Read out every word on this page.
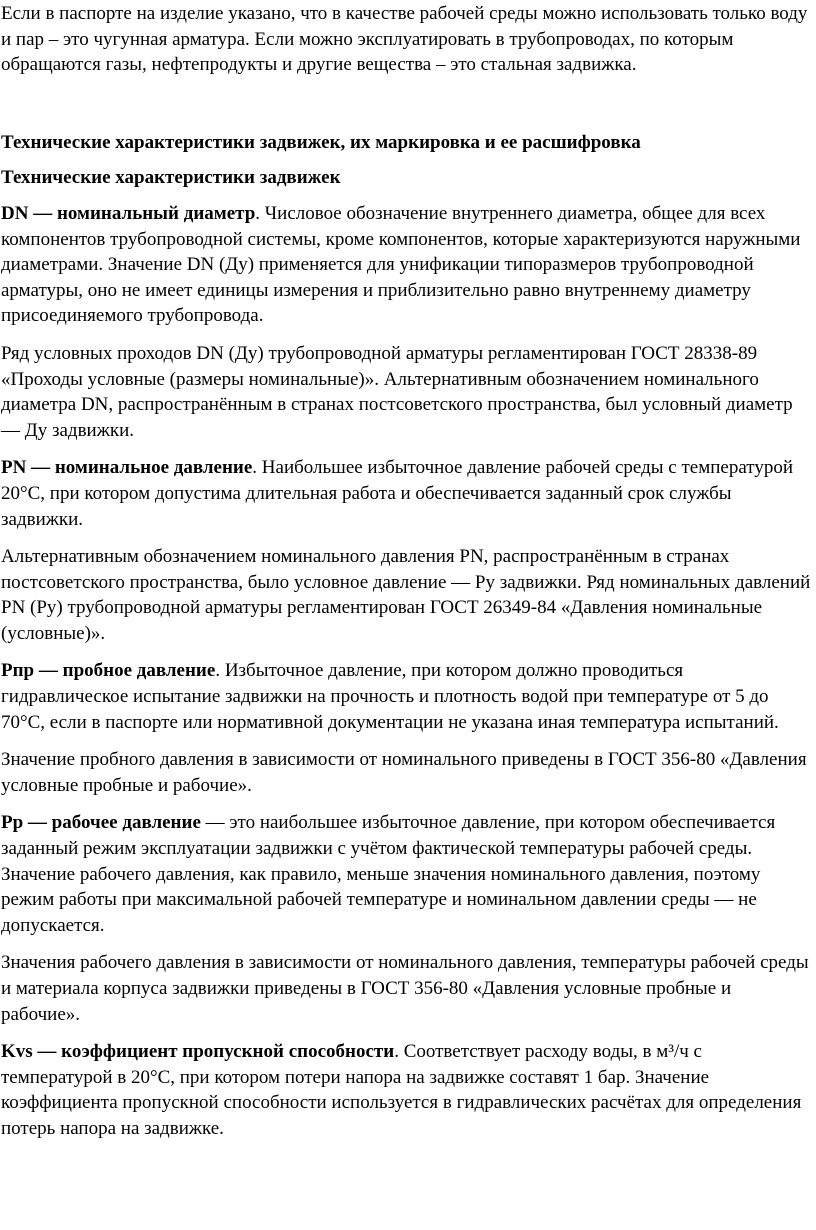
Если в паспорте на изделие указано, что в качестве рабочей среды можно использовать только воду и пар – это чугунная арматура. Если можно эксплуатировать в трубопроводах, по которым обращаются газы, нефтепродукты и другие вещества – это стальная задвижка.

Технические характеристики задвижек, их маркировка и ее расшифровка
Технические характеристики задвижек

DN — номинальный диаметр. Числовое обозначение внутреннего диаметра, общее для всех компонентов трубопроводной системы, кроме компонентов, которые характеризуются наружными диаметрами. Значение DN (Ду) применяется для унификации типоразмеров трубопроводной арматуры, оно не имеет единицы измерения и приблизительно равно внутреннему диаметру присоединяемого трубопровода.

Ряд условных проходов DN (Ду) трубопроводной арматуры регламентирован ГОСТ 28338-89 «Проходы условные (размеры номинальные)». Альтернативным обозначением номинального диаметра DN, распространённым в странах постсоветского пространства, был условный диаметр — Ду задвижки.

PN — номинальное давление. Наибольшее избыточное давление рабочей среды с температурой 20°С, при котором допустима длительная работа и обеспечивается заданный срок службы задвижки.

Альтернативным обозначением номинального давления PN, распространённым в странах постсоветского пространства, было условное давление — Ру задвижки. Ряд номинальных давлений PN (Ру) трубопроводной арматуры регламентирован ГОСТ 26349-84 «Давления номинальные (условные)».

Рпр — пробное давление. Избыточное давление, при котором должно проводиться гидравлическое испытание задвижки на прочность и плотность водой при температуре от 5 до 70°С, если в паспорте или нормативной документации не указана иная температура испытаний.

Значение пробного давления в зависимости от номинального приведены в ГОСТ 356-80 «Давления условные пробные и рабочие».

Рр — рабочее давление — это наибольшее избыточное давление, при котором обеспечивается заданный режим эксплуатации задвижки с учётом фактической температуры рабочей среды. Значение рабочего давления, как правило, меньше значения номинального давления, поэтому режим работы при максимальной рабочей температуре и номинальном давлении среды — не допускается.

Значения рабочего давления в зависимости от номинального давления, температуры рабочей среды и материала корпуса задвижки приведены в ГОСТ 356-80 «Давления условные пробные и рабочие».

Kvs — коэффициент пропускной способности. Соответствует расходу воды, в м³/ч с температурой в 20°С, при котором потери напора на задвижке составят 1 бар. Значение коэффициента пропускной способности используется в гидравлических расчётах для определения потерь напора на задвижке.
